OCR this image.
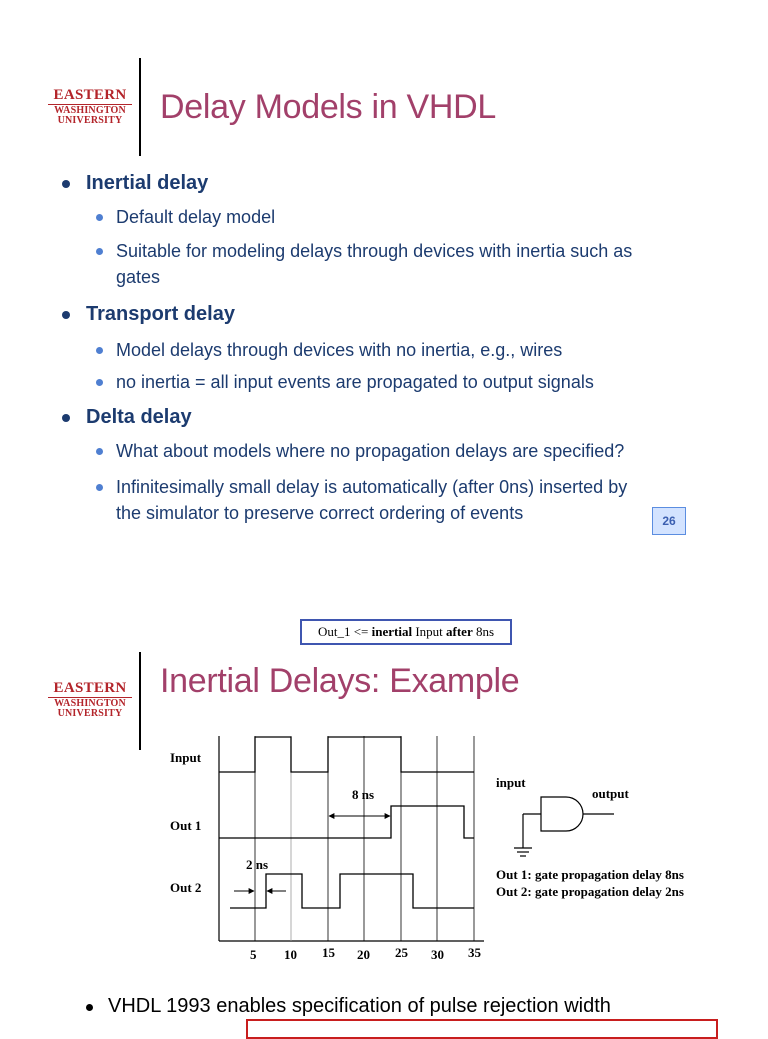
EASTERN
WASHINGTON
UNIVERSITY Delay Models in VHDL
Inertial delay
Default delay model
Suitable for modeling delays through devices with inertia such as gates
Transport delay
Model delays through devices with no inertia, e.g., wires
no inertia = all input events are propagated to output signals
Delta delay
What about models where no propagation delays are specified?
Infinitesimally small delay is automatically (after 0ns) inserted by the simulator to preserve correct ordering of events	26
Out_1 <= inertial Input after 8ns
EASTERN
WASHINGTON
UNIVERSITY
Inertial Delays: Example
Input
Out 1
Out 2
8 ns
2 ns
5 10 15 20 25 30 35
input
output
Out 1: gate propagation delay 8ns
Out 2: gate propagation delay 2ns
VHDL 1993 enables specification of pulse rejection width
